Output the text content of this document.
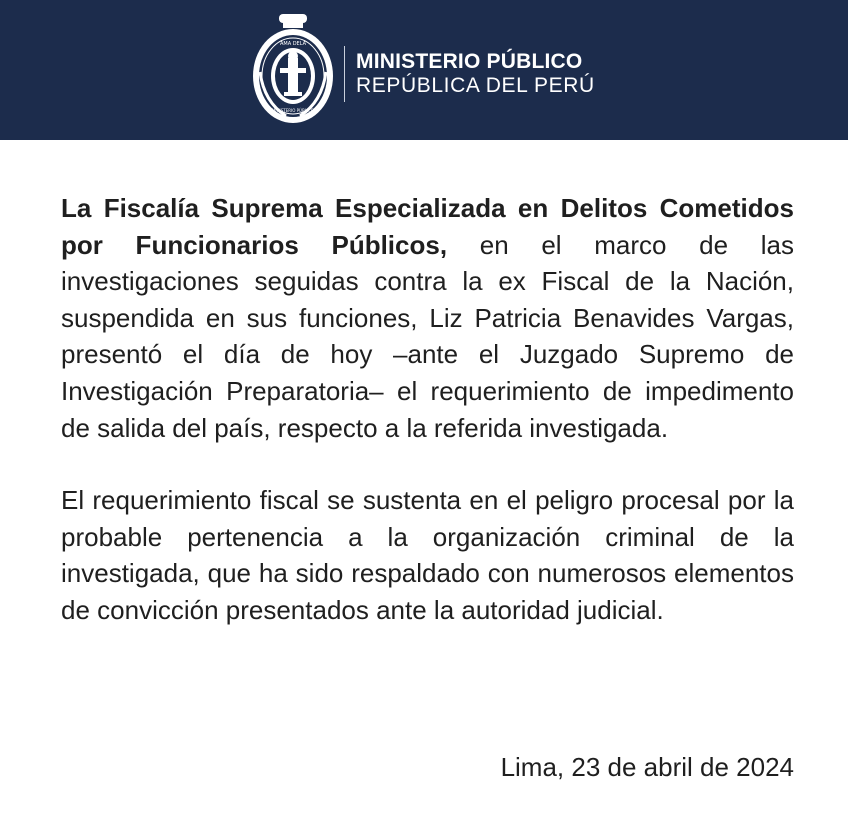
AMA DELA
MINISTERIO PÚBLICO
MINISTERIO PÚBLICO
REPÚBLICA DEL PERÚ

La Fiscalía Suprema Especializada en Delitos Cometidos por Funcionarios Públicos, en el marco de las investigaciones seguidas contra la ex Fiscal de la Nación, suspendida en sus funciones, Liz Patricia Benavides Vargas, presentó el día de hoy –ante el Juzgado Supremo de Investigación Preparatoria– el requerimiento de impedimento de salida del país, respecto a la referida investigada.

El requerimiento fiscal se sustenta en el peligro procesal por la probable pertenencia a la organización criminal de la investigada, que ha sido respaldado con numerosos elementos de convicción presentados ante la autoridad judicial.

Lima, 23 de abril de 2024
